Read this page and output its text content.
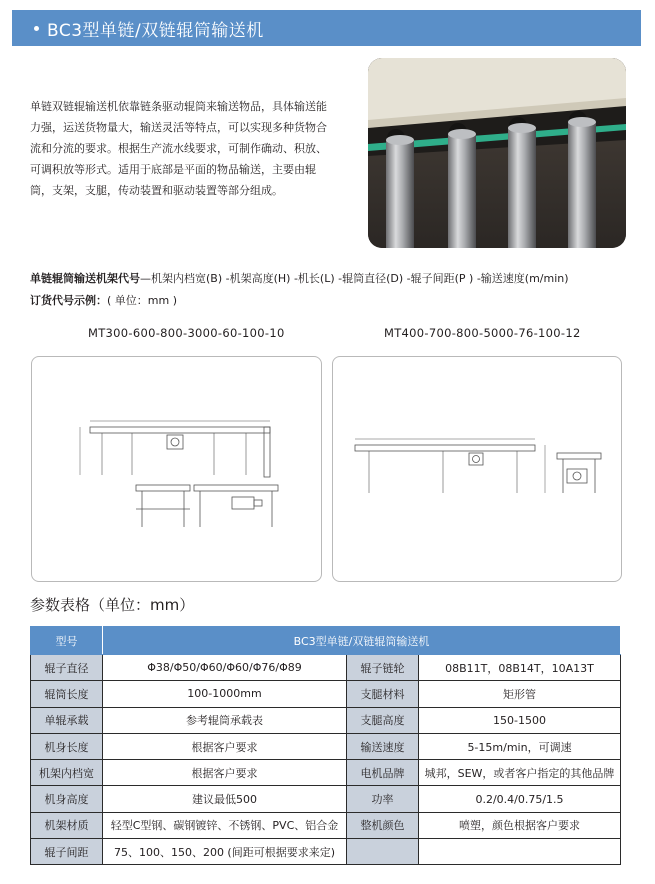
BC3型单链/双链辊筒输送机
单链双链辊输送机依靠链条驱动辊筒来输送物品，具体输送能
力强，运送货物量大，输送灵活等特点，可以实现多种货物合
流和分流的要求。根据生产流水线要求，可制作确动、积放、
可调积放等形式。适用于底部是平面的物品输送，主要由辊
筒，支架，支腿，传动装置和驱动装置等部分组成。
单链辊筒输送机架代号—机架内档宽(B) -机架高度(H) -机长(L) -辊筒直径(D) -辊子间距(P ) -输送速度(m/min)
订货代号示例：( 单位：mm )
MT300-600-800-3000-60-100-10	MT400-700-800-5000-76-100-12
参数表格（单位：mm）
型号	BC3型单链/双链辊筒输送机		
辊子直径	Φ38/Φ50/Φ60/Φ60/Φ76/Φ89	辊子链轮	08B11T，08B14T，10A13T
辊筒长度	100-1000mm	支腿材料	矩形管
单辊承载	参考辊筒承载表	支腿高度	150-1500
机身长度	根据客户要求	输送速度	5-15m/min，可调速
机架内档宽	根据客户要求	电机品牌	城邦，SEW，或者客户指定的其他品牌
机身高度	建议最低500	功率	0.2/0.4/0.75/1.5
机架材质	轻型C型钢、碳钢镀锌、不锈钢、PVC、铝合金	整机颜色	喷塑，颜色根据客户要求
辊子间距	75、100、150、200 (间距可根据要求来定)		
